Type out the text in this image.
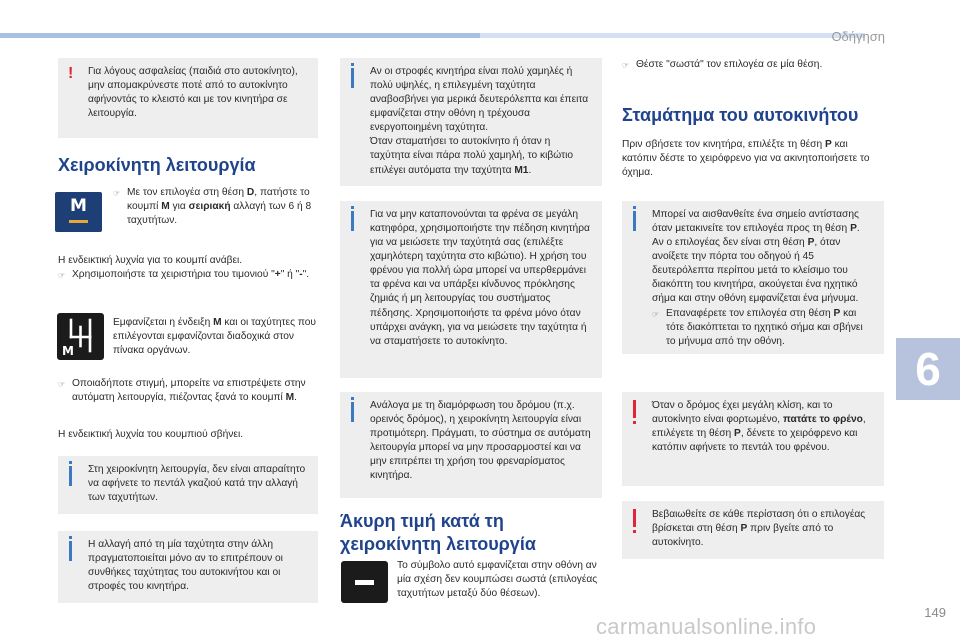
Οδήγηση
! Για λόγους ασφαλείας (παιδιά στο αυτοκίνητο), μην απομακρύνεστε ποτέ από το αυτοκίνητο αφήνοντάς το κλειστό και με τον κινητήρα σε λειτουργία.
Χειροκίνητη λειτουργία
M
☞ Με τον επιλογέα στη θέση D, πατήστε το κουμπί M για σειριακή αλλαγή των 6 ή 8 ταχυτήτων.
Η ενδεικτική λυχνία για το κουμπί ανάβει.
☞ Χρησιμοποιήστε τα χειριστήρια του τιμονιού "+" ή "-".
M
Εμφανίζεται η ένδειξη M και οι ταχύτητες που επιλέγονται εμφανίζονται διαδοχικά στον πίνακα οργάνων.
☞ Οποιαδήποτε στιγμή, μπορείτε να επιστρέψετε στην αυτόματη λειτουργία, πιέζοντας ξανά το κουμπί M.
Η ενδεικτική λυχνία του κουμπιού σβήνει.
Στη χειροκίνητη λειτουργία, δεν είναι απαραίτητο να αφήνετε το πεντάλ γκαζιού κατά την αλλαγή των ταχυτήτων.
Η αλλαγή από τη μία ταχύτητα στην άλλη πραγματοποιείται μόνο αν το επιτρέπουν οι συνθήκες ταχύτητας του αυτοκινήτου και οι στροφές του κινητήρα.
Αν οι στροφές κινητήρα είναι πολύ χαμηλές ή πολύ υψηλές, η επιλεγμένη ταχύτητα αναβοσβήνει για μερικά δευτερόλεπτα και έπειτα εμφανίζεται στην οθόνη η τρέχουσα ενεργοποιημένη ταχύτητα.
Όταν σταματήσει το αυτοκίνητο ή όταν η ταχύτητα είναι πάρα πολύ χαμηλή, το κιβώτιο επιλέγει αυτόματα την ταχύτητα M1.
Για να μην καταπονούνται τα φρένα σε μεγάλη κατηφόρα, χρησιμοποιήστε την πέδηση κινητήρα για να μειώσετε την ταχύτητά σας (επιλέξτε χαμηλότερη ταχύτητα στο κιβώτιο). Η χρήση του φρένου για πολλή ώρα μπορεί να υπερθερμάνει τα φρένα και να υπάρξει κίνδυνος πρόκλησης ζημιάς ή μη λειτουργίας του συστήματος πέδησης. Χρησιμοποιήστε τα φρένα μόνο όταν υπάρχει ανάγκη, για να μειώσετε την ταχύτητα ή να σταματήσετε το αυτοκίνητο.
Ανάλογα με τη διαμόρφωση του δρόμου (π.χ. ορεινός δρόμος), η χειροκίνητη λειτουργία είναι προτιμότερη. Πράγματι, το σύστημα σε αυτόματη λειτουργία μπορεί να μην προσαρμοστεί και να μην επιτρέπει τη χρήση του φρεναρίσματος κινητήρα.
Άκυρη τιμή κατά τη χειροκίνητη λειτουργία
Το σύμβολο αυτό εμφανίζεται στην οθόνη αν μία σχέση δεν κουμπώσει σωστά (επιλογέας ταχυτήτων μεταξύ δύο θέσεων).
☞ Θέστε "σωστά" τον επιλογέα σε μία θέση.
Σταμάτημα του αυτοκινήτου
Πριν σβήσετε τον κινητήρα, επιλέξτε τη θέση P και κατόπιν δέστε το χειρόφρενο για να ακινητοποιήσετε το όχημα.
Μπορεί να αισθανθείτε ένα σημείο αντίστασης όταν μετακινείτε τον επιλογέα προς τη θέση P. Αν ο επιλογέας δεν είναι στη θέση P, όταν ανοίξετε την πόρτα του οδηγού ή 45 δευτερόλεπτα περίπου μετά το κλείσιμο του διακόπτη του κινητήρα, ακούγεται ένα ηχητικό σήμα και στην οθόνη εμφανίζεται ένα μήνυμα.
☞ Επαναφέρετε τον επιλογέα στη θέση P και τότε διακόπτεται το ηχητικό σήμα και σβήνει το μήνυμα από την οθόνη.
Όταν ο δρόμος έχει μεγάλη κλίση, και το αυτοκίνητο είναι φορτωμένο, πατάτε το φρένο, επιλέγετε τη θέση P, δένετε το χειρόφρενο και κατόπιν αφήνετε το πεντάλ του φρένου.
Βεβαιωθείτε σε κάθε περίσταση ότι ο επιλογέας βρίσκεται στη θέση P πριν βγείτε από το αυτοκίνητο.
6
carmanualsonline.info
149
